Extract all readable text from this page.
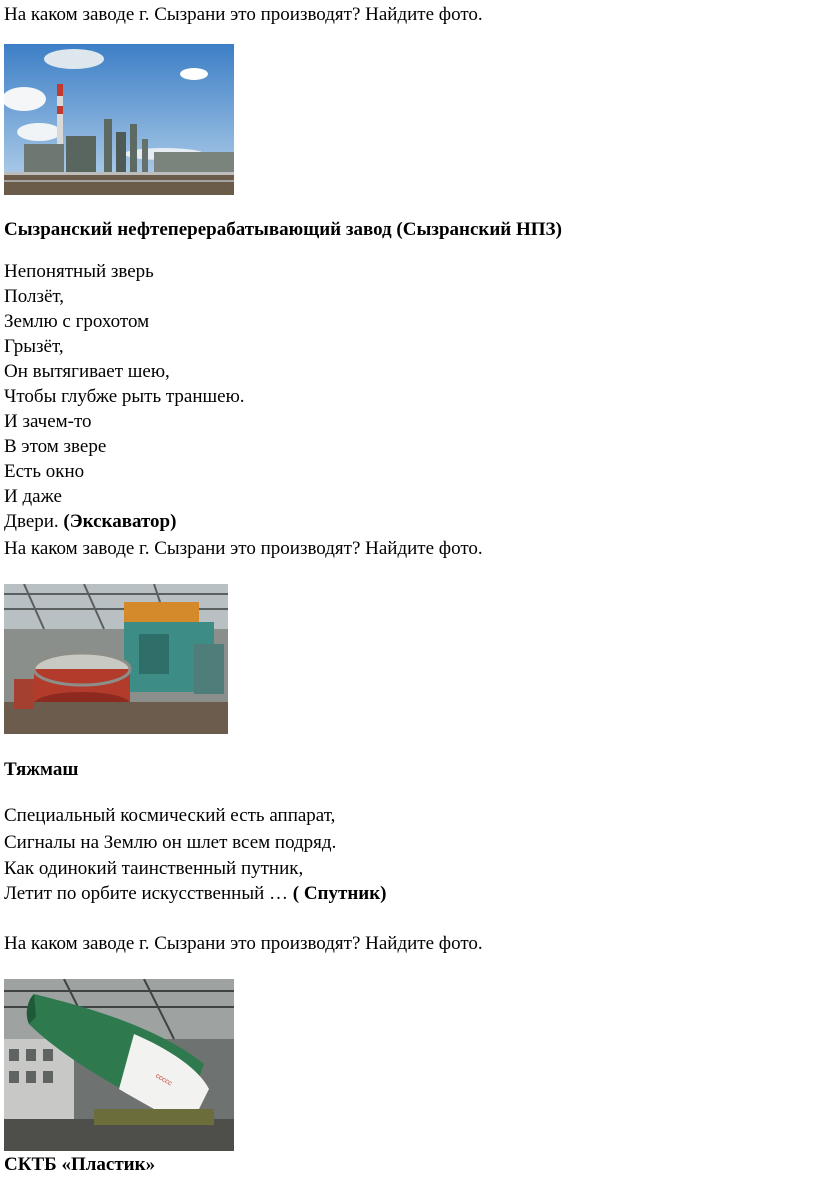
На каком заводе г. Сызрани это производят? Найдите фото.
Сызранский нефтеперерабатывающий завод (Сызранский НПЗ)
Непонятный зверь
Ползёт,
Землю с грохотом
Грызёт,
Он вытягивает шею,
Чтобы глубже рыть траншею.
И зачем-то
В этом звере
Есть окно
И даже
Двери. (Экскаватор)
На каком заводе г. Сызрани это производят? Найдите фото.
Тяжмаш
Специальный космический есть аппарат,
Сигналы на Землю он шлет всем подряд.
Как одинокий таинственный путник,
Летит по орбите искусственный … ( Спутник)
На каком заводе г. Сызрани это производят? Найдите фото.
ᶜᶜᶜᶜᶜ
СКТБ «Пластик»
